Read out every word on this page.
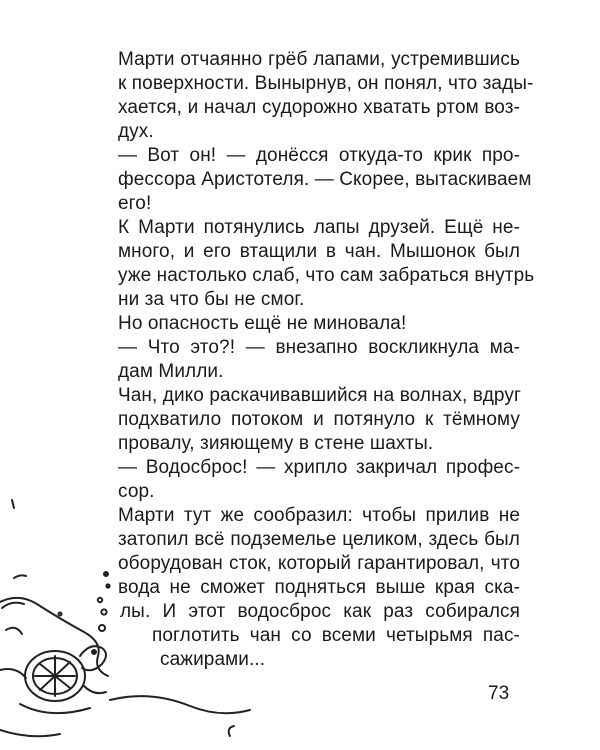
Марти отчаянно грёб лапами, устремившись
к поверхности. Вынырнув, он понял, что зады-
хается, и начал судорожно хватать ртом воз-
дух.
— Вот он! — донёсся откуда-то крик про-
фессора Аристотеля. — Скорее, вытаскиваем
его!
К Марти потянулись лапы друзей. Ещё не-
много, и его втащили в чан. Мышонок был
уже настолько слаб, что сам забраться внутрь
ни за что бы не смог.
Но опасность ещё не миновала!
— Что это?! — внезапно воскликнула ма-
дам Милли.
Чан, дико раскачивавшийся на волнах, вдруг
подхватило потоком и потянуло к тёмному
провалу, зияющему в стене шахты.
— Водосброс! — хрипло закричал профес-
сор.
Марти тут же сообразил: чтобы прилив не
затопил всё подземелье целиком, здесь был
оборудован сток, который гарантировал, что
вода не сможет подняться выше края ска-
лы. И этот водосброс как раз собирался
поглотить чан со всеми четырьмя пас-
сажирами...
73
